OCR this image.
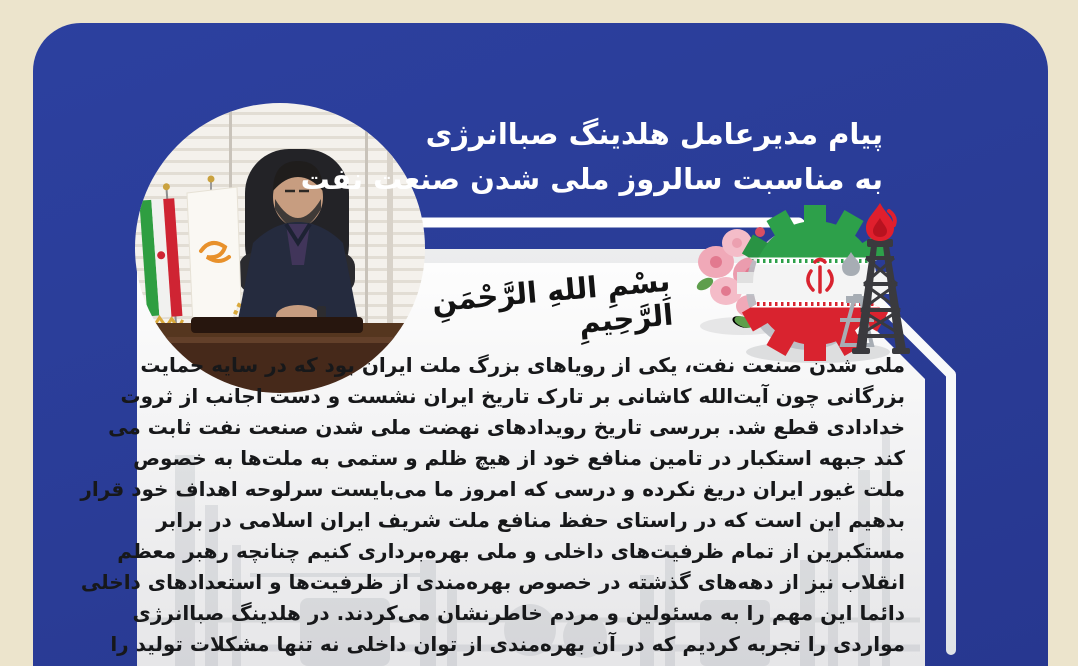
پیام مدیرعامل هلدینگ صباانرژی
به مناسبت سالروز ملی شدن صنعت نفت
بِسْمِ اللهِ الرَّحْمَنِ الرَّحِيمِ
ملی شدن صنعت نفت، یکی از رویاهای بزرگ ملت ایران بود که در سایه حمایت
بزرگانی چون آیت‌الله کاشانی بر تارک تاریخ ایران نشست و دست اجانب از ثروت
خدادادی قطع شد. بررسی تاریخ رویدادهای نهضت ملی شدن صنعت نفت ثابت می
کند جبهه استکبار در تامین منافع خود از هیچ ظلم و ستمی به ملت‌ها به خصوص
ملت غیور ایران دریغ نکرده و درسی که امروز ما می‌بایست سرلوحه اهداف خود قرار
بدهیم این است که در راستای حفظ منافع ملت شریف ایران اسلامی در برابر
مستکبرین از تمام ظرفیت‌های داخلی و ملی بهره‌برداری کنیم چنانچه رهبر معظم
انقلاب نیز از دهه‌های گذشته در خصوص بهره‌مندی از ظرفیت‌ها و استعدادهای داخلی
دائما این مهم را به مسئولین و مردم خاطرنشان می‌کردند. در هلدینگ صباانرژی
مواردی را تجربه کردیم که در آن بهره‌مندی از توان داخلی نه تنها مشکلات تولید را
